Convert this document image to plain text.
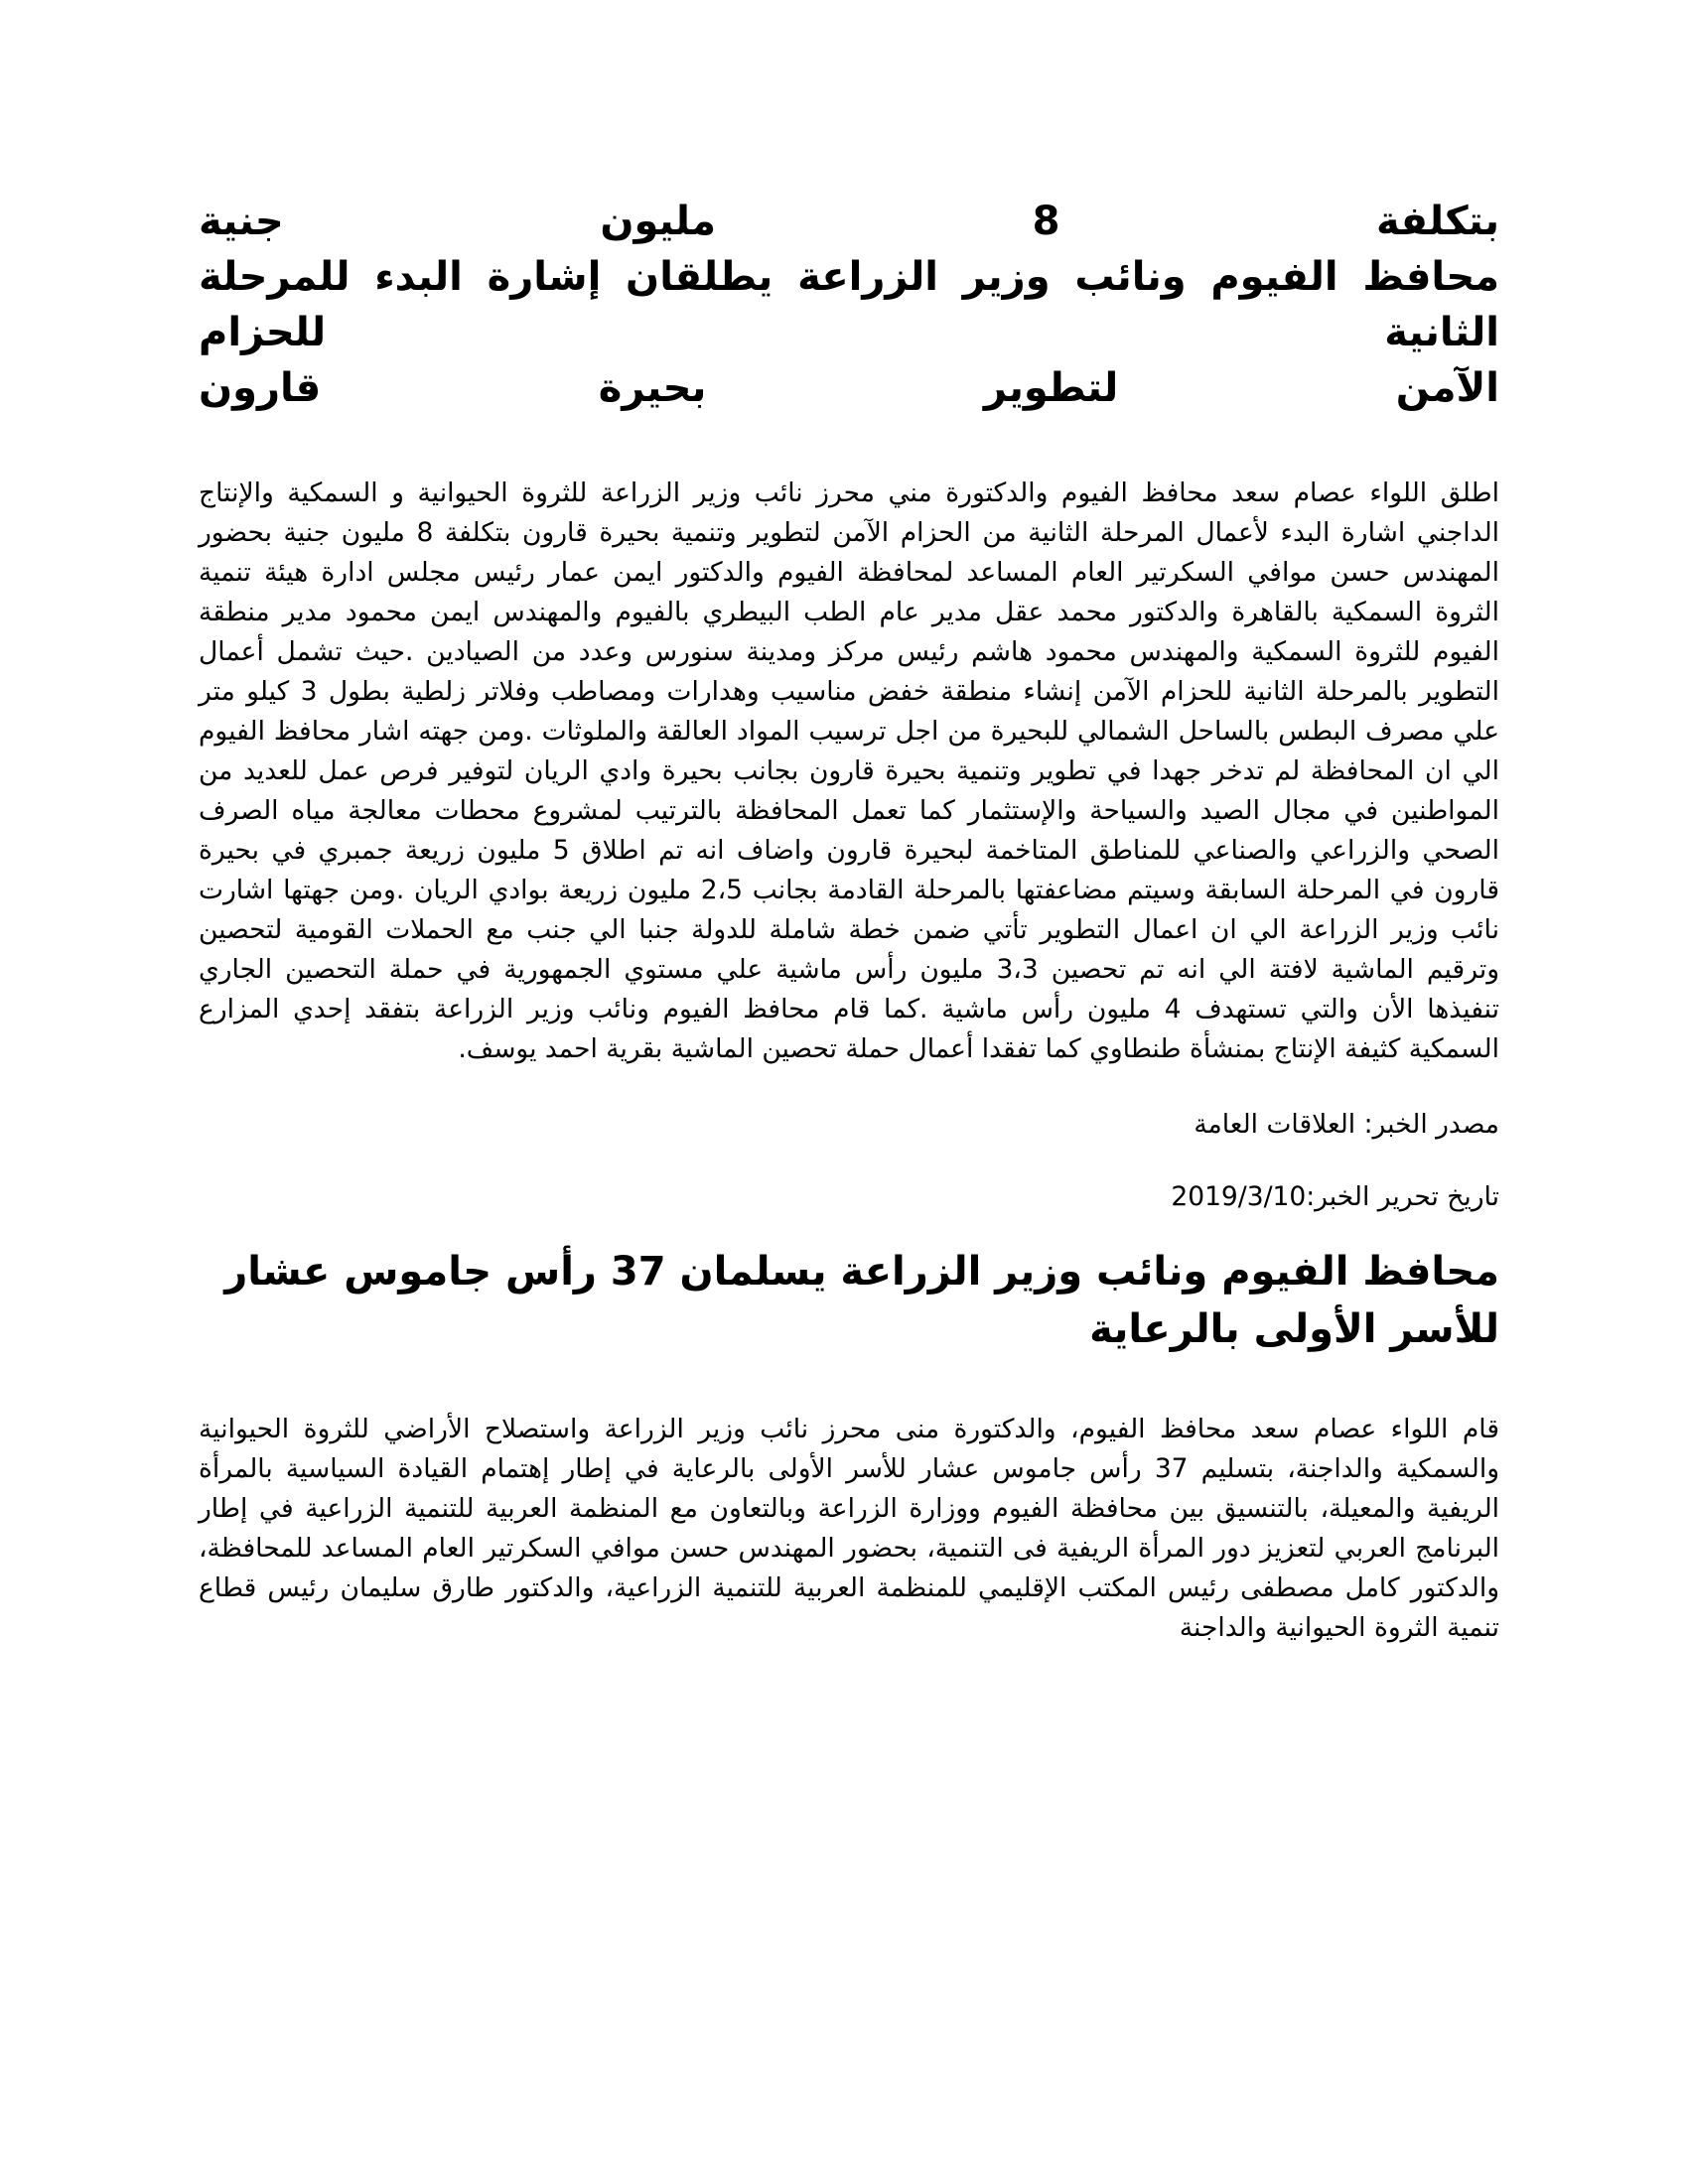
بتكلفة 8 مليون جنية
محافظ الفيوم ونائب وزير الزراعة يطلقان إشارة البدء للمرحلة الثانية للحزام
الآمن لتطوير بحيرة قارون

اطلق اللواء عصام سعد محافظ الفيوم والدكتورة مني محرز نائب وزير الزراعة للثروة الحيوانية و السمكية والإنتاج الداجني اشارة البدء لأعمال المرحلة الثانية من الحزام الآمن لتطوير وتنمية بحيرة قارون بتكلفة 8 مليون جنية بحضور المهندس حسن موافي السكرتير العام المساعد لمحافظة الفيوم والدكتور ايمن عمار رئيس مجلس ادارة هيئة تنمية الثروة السمكية بالقاهرة والدكتور محمد عقل مدير عام الطب البيطري بالفيوم والمهندس ايمن محمود مدير منطقة الفيوم للثروة السمكية والمهندس محمود هاشم رئيس مركز ومدينة سنورس وعدد من الصيادين .حيث تشمل أعمال التطوير بالمرحلة الثانية للحزام الآمن إنشاء منطقة خفض مناسيب وهدارات ومصاطب وفلاتر زلطية بطول 3 كيلو متر علي مصرف البطس بالساحل الشمالي للبحيرة من اجل ترسيب المواد العالقة والملوثات .ومن جهته اشار محافظ الفيوم الي ان المحافظة لم تدخر جهدا في تطوير وتنمية بحيرة قارون بجانب بحيرة وادي الريان لتوفير فرص عمل للعديد من المواطنين في مجال الصيد والسياحة والإستثمار كما تعمل المحافظة بالترتيب لمشروع محطات معالجة مياه الصرف الصحي والزراعي والصناعي للمناطق المتاخمة لبحيرة قارون واضاف انه تم اطلاق 5 مليون زريعة جمبري في بحيرة قارون في المرحلة السابقة وسيتم مضاعفتها بالمرحلة القادمة بجانب 2،5 مليون زريعة بوادي الريان .ومن جهتها اشارت نائب وزير الزراعة الي ان اعمال التطوير تأتي ضمن خطة شاملة للدولة جنبا الي جنب مع الحملات القومية لتحصين وترقيم الماشية لافتة الي انه تم تحصين 3،3 مليون رأس ماشية علي مستوي الجمهورية في حملة التحصين الجاري تنفيذها الأن والتي تستهدف 4 مليون رأس ماشية .كما قام محافظ الفيوم ونائب وزير الزراعة بتفقد إحدي المزارع السمكية كثيفة الإنتاج بمنشأة طنطاوي كما تفقدا أعمال حملة تحصين الماشية بقرية احمد يوسف.

مصدر الخبر: العلاقات العامة

تاريخ تحرير الخبر:2019/3/10

محافظ الفيوم ونائب وزير الزراعة يسلمان 37 رأس جاموس عشار للأسر الأولى بالرعاية

قام اللواء عصام سعد محافظ الفيوم، والدكتورة منى محرز نائب وزير الزراعة واستصلاح الأراضي للثروة الحيوانية والسمكية والداجنة، بتسليم 37 رأس جاموس عشار للأسر الأولى بالرعاية في إطار إهتمام القيادة السياسية بالمرأة الريفية والمعيلة، بالتنسيق بين محافظة الفيوم ووزارة الزراعة وبالتعاون مع المنظمة العربية للتنمية الزراعية في إطار البرنامج العربي لتعزيز دور المرأة الريفية فى التنمية، بحضور المهندس حسن موافي السكرتير العام المساعد للمحافظة، والدكتور كامل مصطفى رئيس المكتب الإقليمي للمنظمة العربية للتنمية الزراعية، والدكتور طارق سليمان رئيس قطاع تنمية الثروة الحيوانية والداجنة
